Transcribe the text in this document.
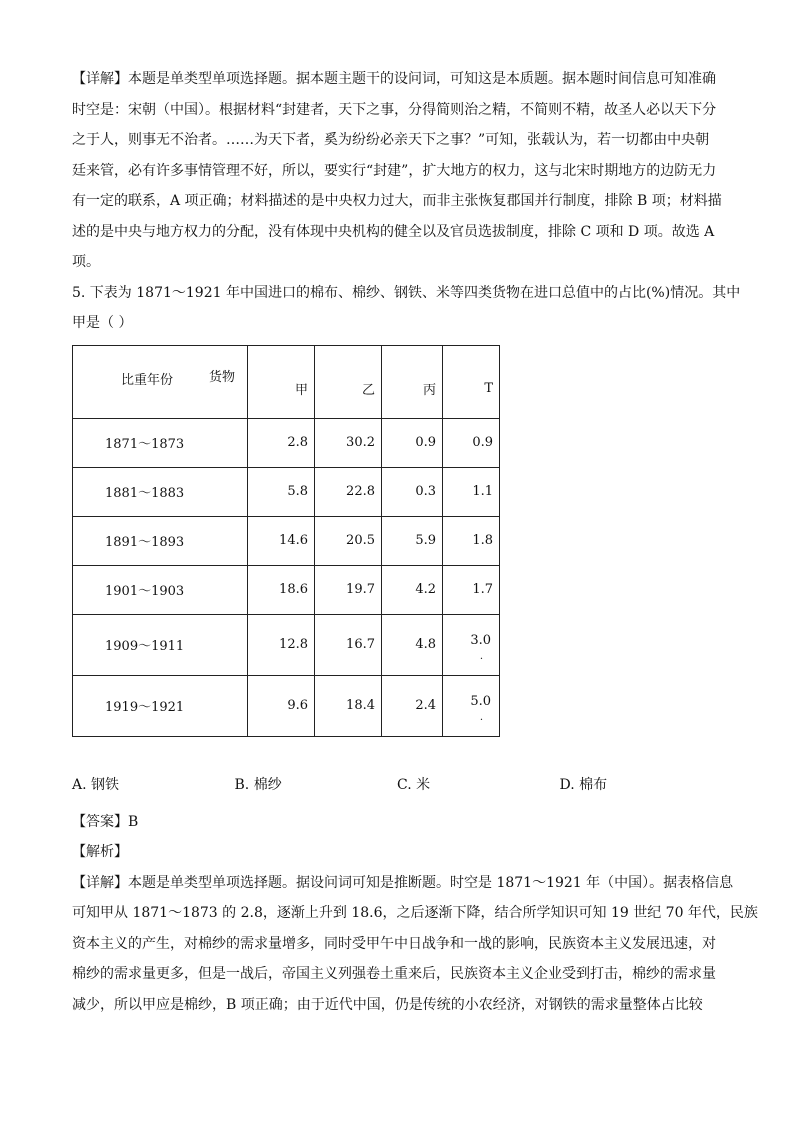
【详解】本题是单类型单项选择题。据本题主题干的设问词，可知这是本质题。据本题时间信息可知准确
时空是：宋朝（中国）。根据材料“封建者，天下之事，分得简则治之精，不简则不精，故圣人必以天下分
之于人，则事无不治者。……为天下者，奚为纷纷必亲天下之事？”可知，张载认为，若一切都由中央朝
廷来管，必有许多事情管理不好，所以，要实行“封建”，扩大地方的权力，这与北宋时期地方的边防无力
有一定的联系，A 项正确；材料描述的是中央权力过大，而非主张恢复郡国并行制度，排除 B 项；材料描
述的是中央与地方权力的分配，没有体现中央机构的健全以及官员选拔制度，排除 C 项和 D 项。故选 A
项。

5. 下表为 1871～1921 年中国进口的棉布、棉纱、钢铁、米等四类货物在进口总值中的占比(%)情况。其中
甲是（ ）

比重年份 货物	甲	乙	丙	T
1871～1873	2.8	30.2	0.9	0.9
1881～1883	5.8	22.8	0.3	1.1
1891～1893	14.6	20.5	5.9	1.8
1901～1903	18.6	19.7	4.2	1.7
1909～1911	12.8	16.7	4.8	3.0
.

1919～1921	9.6	18.4	2.4	5.0
.
A. 钢铁	B. 棉纱	C. 米	D. 棉布

【答案】B
【解析】
【详解】本题是单类型单项选择题。据设问词可知是推断题。时空是 1871～1921 年（中国）。据表格信息
可知甲从 1871～1873 的 2.8，逐渐上升到 18.6，之后逐渐下降，结合所学知识可知 19 世纪 70 年代，民族
资本主义的产生，对棉纱的需求量增多，同时受甲午中日战争和一战的影响，民族资本主义发展迅速，对
棉纱的需求量更多，但是一战后，帝国主义列强卷土重来后，民族资本主义企业受到打击，棉纱的需求量
减少，所以甲应是棉纱，B 项正确；由于近代中国，仍是传统的小农经济，对钢铁的需求量整体占比较
